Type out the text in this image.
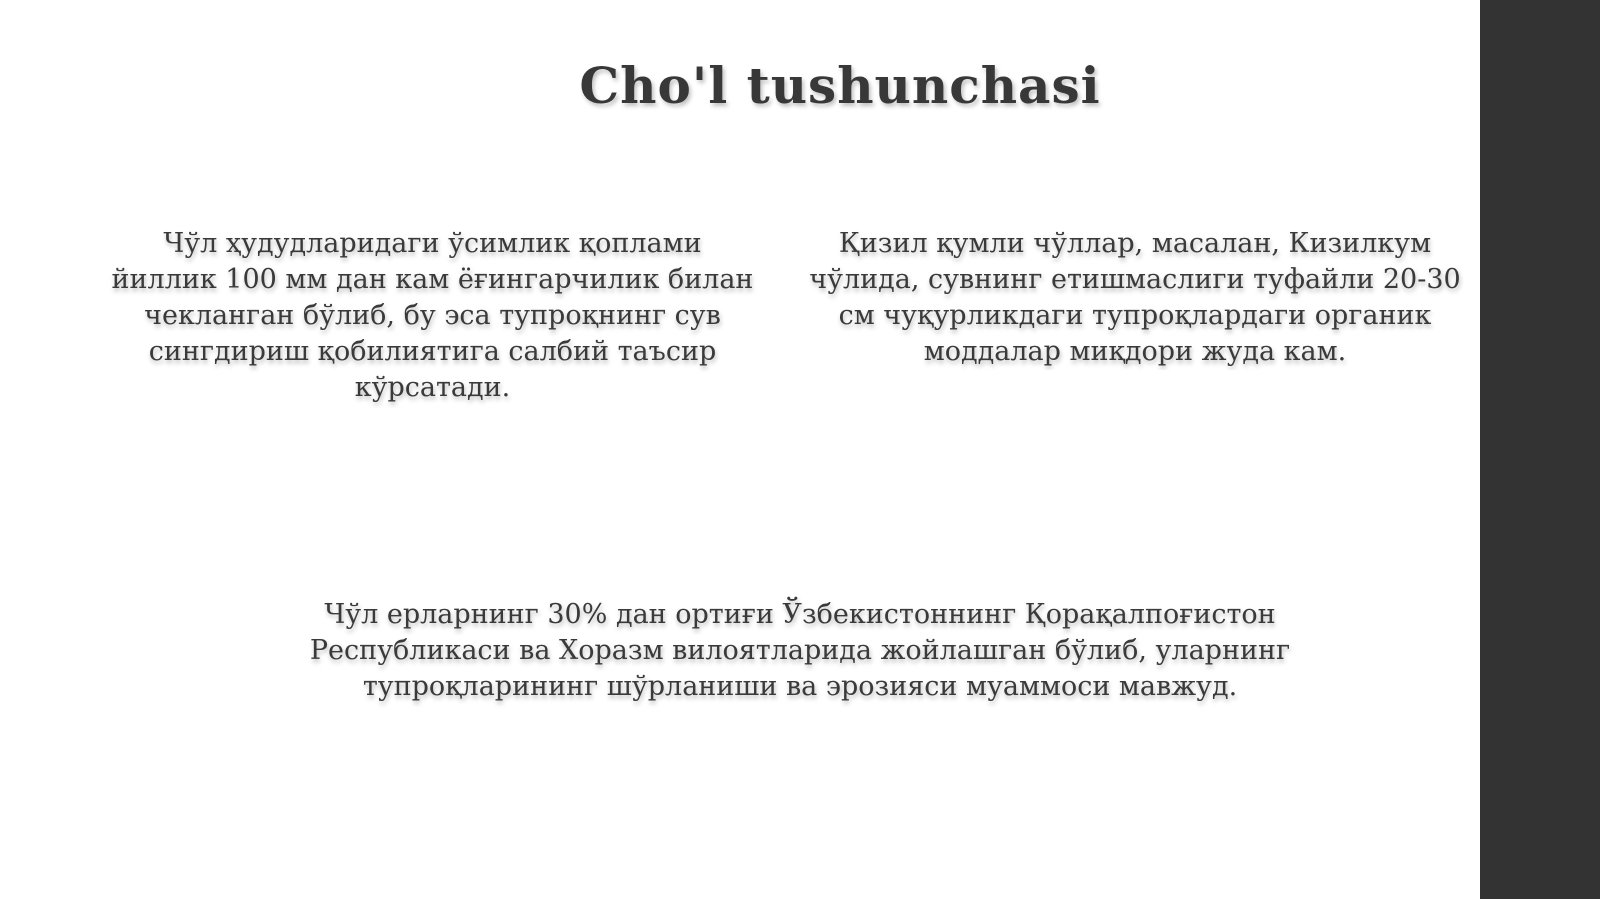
Cho'l tushunchasi

Чўл ҳудудларидаги ўсимлик қоплами йиллик 100 мм дан кам ёғингарчилик билан чекланган бўлиб, бу эса тупроқнинг сув сингдириш қобилиятига салбий таъсир кўрсатади.

Қизил қумли чўллар, масалан, Кизилкум
чўлида, сувнинг етишмаслиги туфайли 20-30
см чуқурликдаги тупроқлардаги органик
моддалар миқдори жуда кам.

Чўл ерларнинг 30% дан ортиғи Ўзбекистоннинг Қорақалпоғистон Республикаси ва Хоразм вилоятларида жойлашган бўлиб, уларнинг тупроқларининг шўрланиши ва эрозияси муаммоси мавжуд.
